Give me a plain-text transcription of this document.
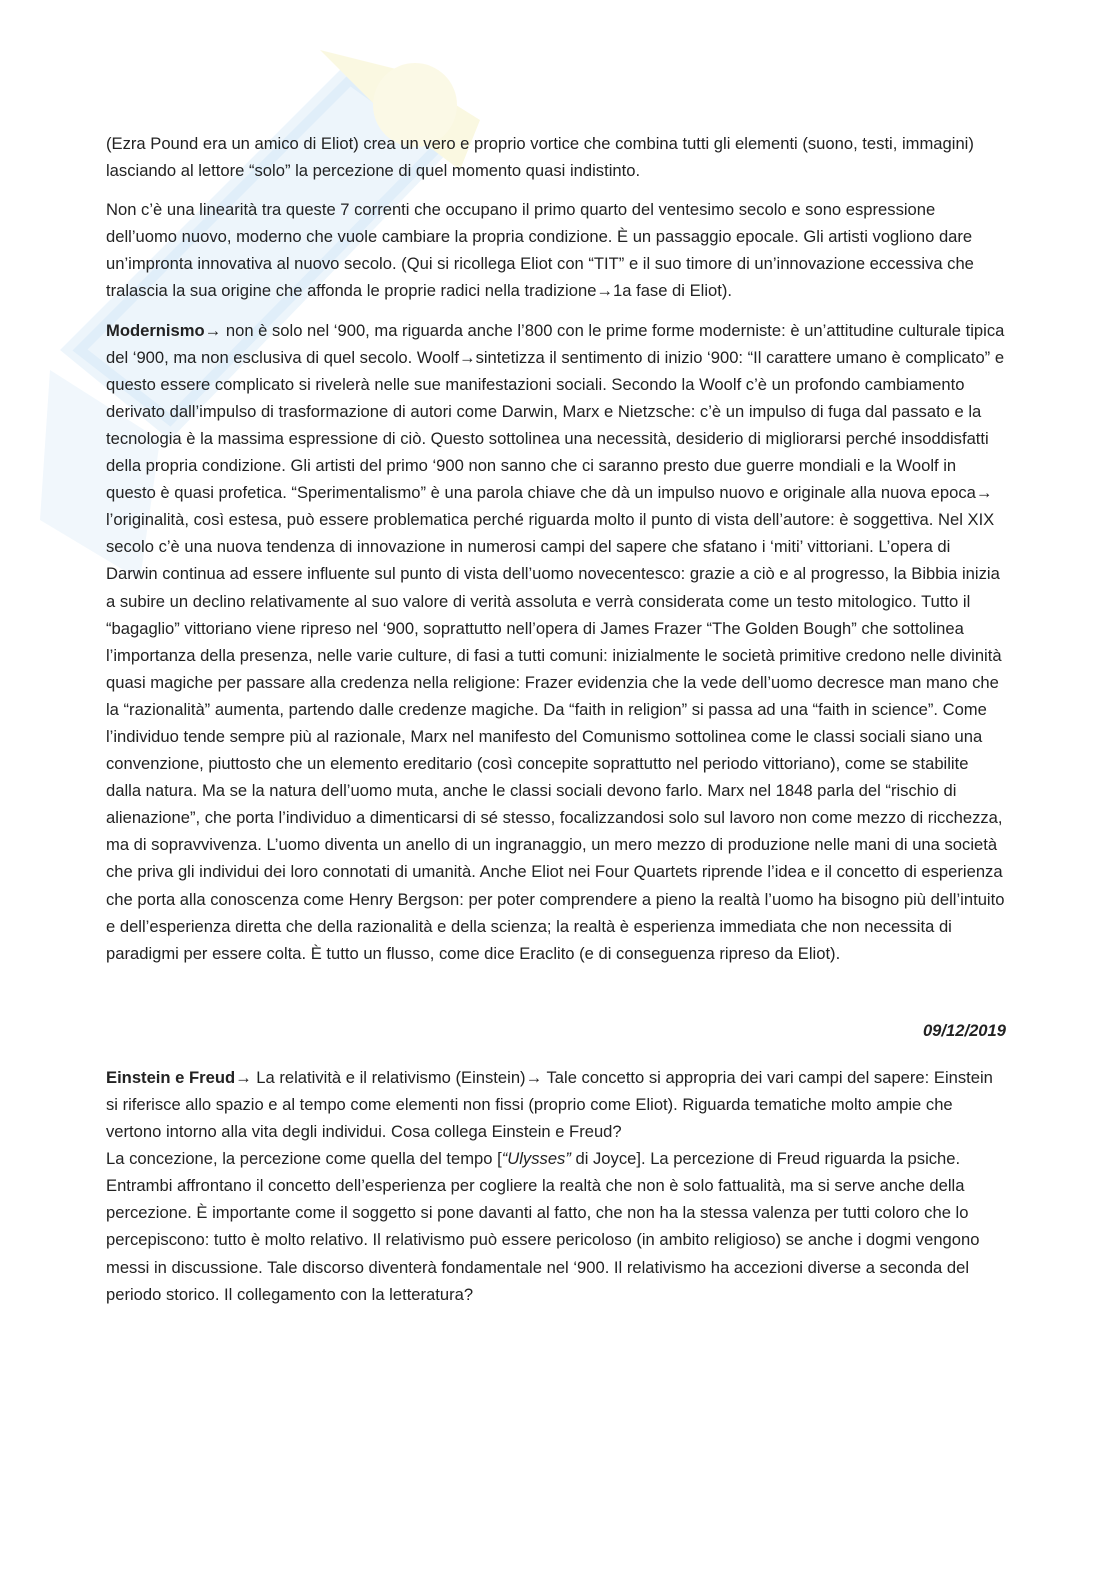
(Ezra Pound era un amico di Eliot) crea un vero e proprio vortice che combina tutti gli elementi (suono, testi, immagini) lasciando al lettore “solo” la percezione di quel momento quasi indistinto.

Non c’è una linearità tra queste 7 correnti che occupano il primo quarto del ventesimo secolo e sono espressione dell’uomo nuovo, moderno che vuole cambiare la propria condizione. È un passaggio epocale. Gli artisti vogliono dare un’impronta innovativa al nuovo secolo. (Qui si ricollega Eliot con “TIT” e il suo timore di un’innovazione eccessiva che tralascia la sua origine che affonda le proprie radici nella tradizione→1a fase di Eliot).

Modernismo→ non è solo nel ‘900, ma riguarda anche l’800 con le prime forme moderniste: è un’attitudine culturale tipica del ‘900, ma non esclusiva di quel secolo. Woolf→sintetizza il sentimento di inizio ‘900: “Il carattere umano è complicato” e questo essere complicato si rivelerà nelle sue manifestazioni sociali. Secondo la Woolf c’è un profondo cambiamento derivato dall’impulso di trasformazione di autori come Darwin, Marx e Nietzsche: c’è un impulso di fuga dal passato e la tecnologia è la massima espressione di ciò. Questo sottolinea una necessità, desiderio di migliorarsi perché insoddisfatti della propria condizione. Gli artisti del primo ‘900 non sanno che ci saranno presto due guerre mondiali e la Woolf in questo è quasi profetica. “Sperimentalismo” è una parola chiave che dà un impulso nuovo e originale alla nuova epoca→ l’originalità, così estesa, può essere problematica perché riguarda molto il punto di vista dell’autore: è soggettiva. Nel XIX secolo c’è una nuova tendenza di innovazione in numerosi campi del sapere che sfatano i ‘miti’ vittoriani. L’opera di Darwin continua ad essere influente sul punto di vista dell’uomo novecentesco: grazie a ciò e al progresso, la Bibbia inizia a subire un declino relativamente al suo valore di verità assoluta e verrà considerata come un testo mitologico. Tutto il “bagaglio” vittoriano viene ripreso nel ‘900, soprattutto nell’opera di James Frazer “The Golden Bough” che sottolinea l’importanza della presenza, nelle varie culture, di fasi a tutti comuni: inizialmente le società primitive credono nelle divinità quasi magiche per passare alla credenza nella religione: Frazer evidenzia che la vede dell’uomo decresce man mano che la “razionalità” aumenta, partendo dalle credenze magiche. Da “faith in religion” si passa ad una “faith in science”. Come l’individuo tende sempre più al razionale, Marx nel manifesto del Comunismo sottolinea come le classi sociali siano una convenzione, piuttosto che un elemento ereditario (così concepite soprattutto nel periodo vittoriano), come se stabilite dalla natura. Ma se la natura dell’uomo muta, anche le classi sociali devono farlo. Marx nel 1848 parla del “rischio di alienazione”, che porta l’individuo a dimenticarsi di sé stesso, focalizzandosi solo sul lavoro non come mezzo di ricchezza, ma di sopravvivenza. L’uomo diventa un anello di un ingranaggio, un mero mezzo di produzione nelle mani di una società che priva gli individui dei loro connotati di umanità. Anche Eliot nei Four Quartets riprende l’idea e il concetto di esperienza che porta alla conoscenza come Henry Bergson: per poter comprendere a pieno la realtà l’uomo ha bisogno più dell’intuito e dell’esperienza diretta che della razionalità e della scienza; la realtà è esperienza immediata che non necessita di paradigmi per essere colta. È tutto un flusso, come dice Eraclito (e di conseguenza ripreso da Eliot).

09/12/2019

Einstein e Freud→ La relatività e il relativismo (Einstein)→ Tale concetto si appropria dei vari campi del sapere: Einstein si riferisce allo spazio e al tempo come elementi non fissi (proprio come Eliot). Riguarda tematiche molto ampie che vertono intorno alla vita degli individui. Cosa collega Einstein e Freud?

La concezione, la percezione come quella del tempo [“Ulysses” di Joyce]. La percezione di Freud riguarda la psiche. Entrambi affrontano il concetto dell’esperienza per cogliere la realtà che non è solo fattualità, ma si serve anche della percezione. È importante come il soggetto si pone davanti al fatto, che non ha la stessa valenza per tutti coloro che lo percepiscono: tutto è molto relativo. Il relativismo può essere pericoloso (in ambito religioso) se anche i dogmi vengono messi in discussione. Tale discorso diventerà fondamentale nel ‘900. Il relativismo ha accezioni diverse a seconda del periodo storico. Il collegamento con la letteratura?
